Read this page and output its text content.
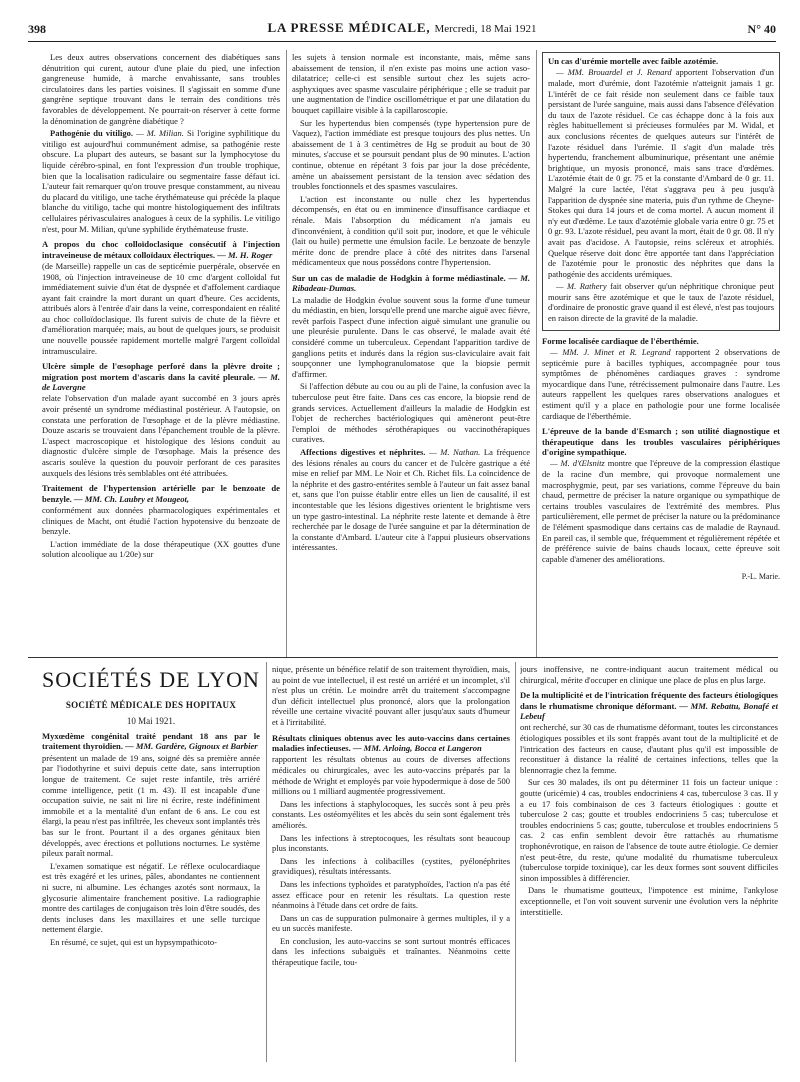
398	LA PRESSE MÉDICALE, Mercredi, 18 Mai 1921	N° 40

Les deux autres observations concernent des diabétiques sans dénutrition qui curent, autour d'une plaie du pied, une infection gangreneuse humide, à marche envahissante, sans troubles circulatoires dans les parties voisines. Il s'agissait en somme d'une gangrène septique trouvant dans le terrain des conditions très favorables de développement. Ne pourrait-on réserver à cette forme la dénomination de gangrène diabétique ?

Pathogénie du vitiligo. — M. Milian. Si l'origine syphilitique du vitiligo est aujourd'hui communément admise, sa pathogénie reste obscure. La plupart des auteurs, se basant sur la lymphocytose du liquide cérébro-spinal, en font l'expression d'un trouble trophique, bien que la localisation radiculaire ou segmentaire fasse défaut ici. L'auteur fait remarquer qu'on trouve presque constamment, au niveau du placard du vitiligo, une tache érythémateuse qui précède la plaque blanche du vitiligo, tache qui montre histologiquement des infiltrats cellulaires périvasculaires analogues à ceux de la syphilis. Le vitiligo n'est, pour M. Milian, qu'une syphilide érythémateuse fruste.

A propos du choc colloïdoclasique consécutif à l'injection intraveineuse de métaux colloïdaux électriques. — M. H. Roger

(de Marseille) rappelle un cas de septicémie puerpérale, observée en 1908, où l'injection intraveineuse de 10 cmc d'argent colloïdal fut immédiatement suivie d'un état de dyspnée et d'affolement cardiaque ayant fait craindre la mort durant un quart d'heure. Ces accidents, attribués alors à l'entrée d'air dans la veine, correspondaient en réalité au choc colloïdoclasique. Ils furent suivis de chute de la fièvre et d'amélioration marquée; mais, au bout de quelques jours, se produisit une nouvelle poussée rapidement mortelle malgré l'argent colloïdal intramusculaire.

Ulcère simple de l'œsophage perforé dans la plèvre droite ; migration post mortem d'ascaris dans la cavité pleurale. — M. de Lavergne

relate l'observation d'un malade ayant succombé en 3 jours après avoir présenté un syndrome médiastinal postérieur. A l'autopsie, on constata une perforation de l'œsophage et de la plèvre médiastine. Douze ascaris se trouvaient dans l'épanchement trouble de la plèvre. L'aspect macroscopique et histologique des lésions conduit au diagnostic d'ulcère simple de l'œsophage. Mais la présence des ascaris soulève la question du pouvoir perforant de ces parasites auxquels des lésions très semblables ont été attribuées.

Traitement de l'hypertension artérielle par le benzoate de benzyle. — MM. Ch. Laubry et Mougeot,

conformément aux données pharmacologiques expérimentales et cliniques de Macht, ont étudié l'action hypotensive du benzoate de benzyle.

L'action immédiate de la dose thérapeutique (XX gouttes d'une solution alcoolique au 1/20e) sur

les sujets à tension normale est inconstante, mais, même sans abaissement de tension, il n'en existe pas moins une action vaso-dilatatrice; celle-ci est sensible surtout chez les sujets acro-asphyxiques avec spasme vasculaire périphérique ; elle se traduit par une augmentation de l'indice oscillométrique et par une dilatation du bouquet capillaire visible à la capillaroscopie.

Sur les hypertendus bien compensés (type hypertension pure de Vaquez), l'action immédiate est presque toujours des plus nettes. Un abaissement de 1 à 3 centimètres de Hg se produit au bout de 30 minutes, s'accuse et se poursuit pendant plus de 90 minutes. L'action continue, obtenue en répétant 3 fois par jour la dose précédente, amène un abaissement persistant de la tension avec sédation des troubles fonctionnels et des spasmes vasculaires.

L'action est inconstante ou nulle chez les hypertendus décompensés, en état ou en imminence d'insuffisance cardiaque et rénale. Mais l'absorption du médicament n'a jamais eu d'inconvénient, à condition qu'il soit pur, inodore, et que le véhicule (lait ou huile) permette une émulsion facile. Le benzoate de benzyle mérite donc de prendre place à côté des nitrites dans l'arsenal médicamenteux que nous possédons contre l'hypertension.

Sur un cas de maladie de Hodgkin à forme médiastinale. — M. Ribadeau-Dumas.

La maladie de Hodgkin évolue souvent sous la forme d'une tumeur du médiastin, en bien, lorsqu'elle prend une marche aiguë avec fièvre, revêt parfois l'aspect d'une infection aiguë simulant une granulie ou une pleurésie purulente. Dans le cas observé, le malade avait été considéré comme un tuberculeux. Cependant l'apparition tardive de ganglions petits et indurés dans la région sus-claviculaire avait fait soupçonner une lymphogranulomatose que la biopsie permit d'affirmer.

Si l'affection débute au cou ou au pli de l'aine, la confusion avec la tuberculose peut être faite. Dans ces cas encore, la biopsie rend de grands services. Actuellement d'ailleurs la maladie de Hodgkin est l'objet de recherches bactériologiques qui amèneront peut-être l'emploi de méthodes sérothérapiques ou vaccinothérapiques curatives.

Affections digestives et néphrites. — M. Nathan. La fréquence des lésions rénales au cours du cancer et de l'ulcère gastrique a été mise en relief par MM. Le Noir et Ch. Richet fils. La coïncidence de la néphrite et des gastro-entérites semble à l'auteur un fait assez banal et, sans que l'on puisse établir entre elles un lien de causalité, il est incontestable que les lésions digestives orientent le brightisme vers un type gastro-intestinal. La néphrite reste latente et demande à être recherchée par le dosage de l'urée sanguine et par la détermination de la constante d'Ambard. L'auteur cite à l'appui plusieurs observations intéressantes.

Un cas d'urémie mortelle avec faible azotémie.

— MM. Brouardel et J. Renard apportent l'observation d'un malade, mort d'urémie, dont l'azotémie n'atteignit jamais 1 gr. L'intérêt de ce fait réside non seulement dans ce faible taux persistant de l'urée sanguine, mais aussi dans l'absence d'élévation du taux de l'azote résiduel. Ce cas échappe donc à la fois aux règles habituellement si précieuses formulées par M. Widal, et aux conclusions récentes de quelques auteurs sur l'intérêt de l'azote résiduel dans l'urémie. Il s'agit d'un malade très hypertendu, franchement albuminurique, présentant une anémie brightique, un myosis prononcé, mais sans trace d'œdèmes. L'azotémie était de 0 gr. 75 et la constante d'Ambard de 0 gr. 11. Malgré la cure lactée, l'état s'aggrava peu à peu jusqu'à l'apparition de dyspnée sine materia, puis d'un rythme de Cheyne-Stokes qui dura 14 jours et de coma mortel. A aucun moment il n'y eut d'œdème. Le taux d'azotémie globale varia entre 0 gr. 75 et 0 gr. 93. L'azote résiduel, peu avant la mort, était de 0 gr. 08. Il n'y avait pas d'acidose. A l'autopsie, reins scléreux et atrophiés. Quelque réserve doit donc être apportée tant dans l'appréciation de l'azotémie pour le pronostic des néphrites que dans la pathogénie des accidents urémiques.

— M. Rathery fait observer qu'un néphritique chronique peut mourir sans être azotémique et que le taux de l'azote résiduel, d'ordinaire de pronostic grave quand il est élevé, n'est pas toujours en raison directe de la gravité de la maladie.

Forme localisée cardiaque de l'éberthémie.

— MM. J. Minet et R. Legrand rapportent 2 observations de septicémie pure à bacilles typhiques, accompagnée pour tous symptômes de phénomènes cardiaques graves : syndrome myocardique dans l'une, rétrécissement pulmonaire dans l'autre. Les auteurs rappellent les quelques rares observations analogues et estiment qu'il y a place en pathologie pour une forme localisée cardiaque de l'éberthémie.

L'épreuve de la bande d'Esmarch ; son utilité diagnostique et thérapeutique dans les troubles vasculaires périphériques d'origine sympathique.

— M. d'Œlsnitz montre que l'épreuve de la compression élastique de la racine d'un membre, qui provoque normalement une macrosphygmie, peut, par ses variations, comme l'épreuve du bain chaud, permettre de préciser la nature organique ou sympathique de certains troubles vasculaires de l'extrémité des membres. Plus particulièrement, elle permet de préciser la nature ou la prédominance de l'élément spasmodique dans certains cas de maladie de Raynaud. En pareil cas, il semble que, fréquemment et régulièrement répétée et de préférence suivie de bains chauds locaux, cette épreuve soit capable d'amener des améliorations.

P.-L. Marie.
SOCIÉTÉS DE LYON
SOCIÉTÉ MÉDICALE DES HOPITAUX
10 Mai 1921.
Myxœdème congénital traité pendant 18 ans par le traitement thyroïdien. — MM. Gardère, Gignoux et Barbier

présentent un malade de 19 ans, soigné dès sa première année par l'iodothyrine et suivi depuis cette date, sans interruption longue de traitement. Ce sujet reste infantile, très arriéré comme intelligence, petit (1 m. 43). Il est incapable d'une occupation suivie, ne sait ni lire ni écrire, reste indéfiniment immobile et a la mentalité d'un enfant de 6 ans. Le cou est élargi, la peau n'est pas infiltrée, les cheveux sont implantés très bas sur le front. Pourtant il a des organes génitaux bien développés, avec érections et pollutions nocturnes. Le système pileux paraît normal.

L'examen somatique est négatif. Le réflexe oculocardiaque est très exagéré et les urines, pâles, abondantes ne contiennent ni sucre, ni albumine. Les échanges azotés sont normaux, la glycosurie alimentaire franchement positive. La radiographie montre des cartilages de conjugaison très loin d'être soudés, des dents incluses dans les maxillaires et une selle turcique nettement élargie.

En résumé, ce sujet, qui est un hypsympathicoto-

nique, présente un bénéfice relatif de son traitement thyroïdien, mais, au point de vue intellectuel, il est resté un arriéré et un incomplet, s'il n'est plus un crétin. Le moindre arrêt du traitement s'accompagne d'un déficit intellectuel plus prononcé, alors que la prolongation réveille une certaine vivacité pouvant aller jusqu'aux sauts d'humeur et à l'irritabilité.

Résultats cliniques obtenus avec les auto-vaccins dans certaines maladies infectieuses. — MM. Arloing, Bocca et Langeron

rapportent les résultats obtenus au cours de diverses affections médicales ou chirurgicales, avec les auto-vaccins préparés par la méthode de Wright et employés par voie hypodermique à dose de 500 millions ou 1 milliard augmentée progressivement.

Dans les infections à staphylocoques, les succès sont à peu près constants. Les ostéomyélites et les abcès du sein sont également très améliorés.

Dans les infections à streptocoques, les résultats sont beaucoup plus inconstants.

Dans les infections à colibacilles (cystites, pyélonéphrites gravidiques), résultats intéressants.

Dans les infections typhoïdes et paratyphoïdes, l'action n'a pas été assez efficace pour en retenir les résultats. La question reste néanmoins à l'étude dans cet ordre de faits.

Dans un cas de suppuration pulmonaire à germes multiples, il y a eu un succès manifeste.

En conclusion, les auto-vaccins se sont surtout montrés efficaces dans les infections subaiguës et traînantes. Néanmoins cette thérapeutique facile, tou-

jours inoffensive, ne contre-indiquant aucun traitement médical ou chirurgical, mérite d'occuper en clinique une place de plus en plus large.

De la multiplicité et de l'intrication fréquente des facteurs étiologiques dans le rhumatisme chronique déformant. — MM. Rebattu, Bonafé et Lebeuf

ont recherché, sur 30 cas de rhumatisme déformant, toutes les circonstances étiologiques possibles et ils sont frappés avant tout de la multiplicité et de l'intrication des facteurs en cause, d'autant plus qu'il est impossible de reconstituer à distance la réalité de certaines infections, telles que la blennorragie chez la femme.

Sur ces 30 malades, ils ont pu déterminer 11 fois un facteur unique : goutte (uricémie) 4 cas, troubles endocriniens 4 cas, tuberculose 3 cas. Il y a eu 17 fois combinaison de ces 3 facteurs étiologiques : goutte et tuberculose 2 cas; goutte et troubles endocriniens 5 cas; tuberculose et troubles endocriniens 5 cas; goutte, tuberculose et troubles endocriniens 5 cas. 2 cas enfin semblent devoir être rattachés au rhumatisme trophonévrotique, en raison de l'absence de toute autre étiologie. Ce dernier n'est peut-être, du reste, qu'une modalité du rhumatisme tuberculeux (tuberculose torpide toxinique), car les deux formes sont souvent difficiles sinon impossibles à différencier.

Dans le rhumatisme goutteux, l'impotence est minime, l'ankylose exceptionnelle, et l'on voit souvent survenir une évolution vers la néphrite interstitielle.
